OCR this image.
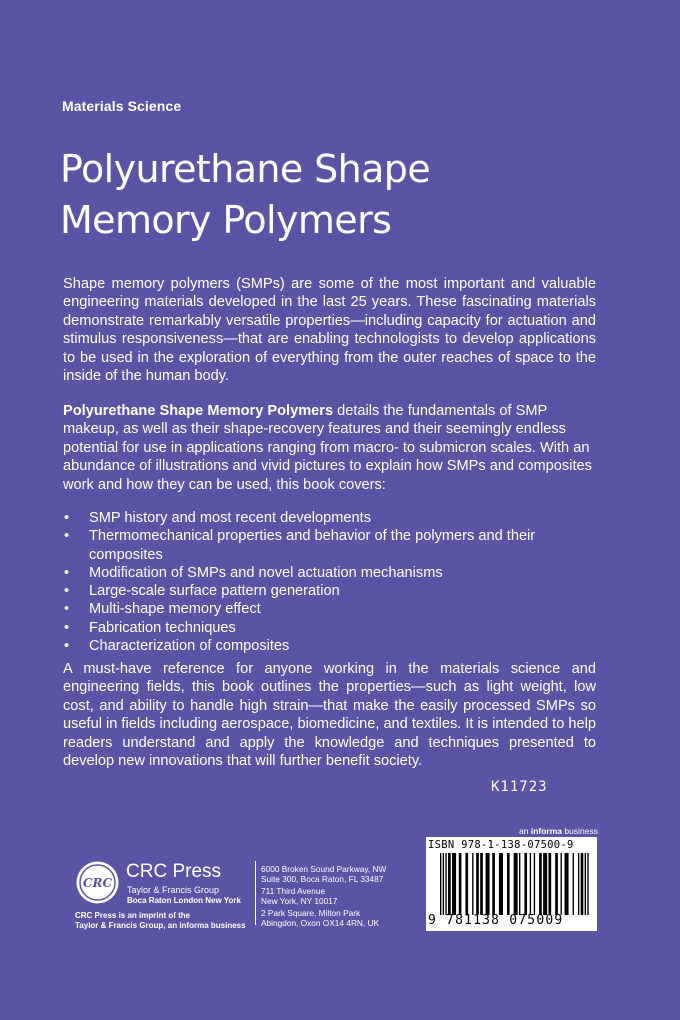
Materials Science
Polyurethane Shape
Memory Polymers

Shape memory polymers (SMPs) are some of the most important and valuable engineering materials developed in the last 25 years. These fascinating materials demonstrate remarkably versatile properties—including capacity for actuation and stimulus responsiveness—that are enabling technologists to develop applications to be used in the exploration of everything from the outer reaches of space to the inside of the human body.

Polyurethane Shape Memory Polymers details the fundamentals of SMP makeup, as well as their shape-recovery features and their seemingly endless potential for use in applications ranging from macro- to submicron scales. With an abundance of illustrations and vivid pictures to explain how SMPs and composites work and how they can be used, this book covers:

• SMP history and most recent developments
• Thermomechanical properties and behavior of the polymers and their composites
• Modification of SMPs and novel actuation mechanisms
• Large-scale surface pattern generation
• Multi-shape memory effect
• Fabrication techniques
• Characterization of composites

A must-have reference for anyone working in the materials science and engineering fields, this book outlines the properties—such as light weight, low cost, and ability to handle high strain—that make the easily processed SMPs so useful in fields including aerospace, biomedicine, and textiles. It is intended to help readers understand and apply the knowledge and techniques presented to develop new innovations that will further benefit society.

K11723
an informa business
ISBN 978-1-138-07500-9
9 781138 075009
CRC
CRC Press
Taylor & Francis Group
Boca Raton London New York
CRC Press is an imprint of the
Taylor & Francis Group, an informa business
6000 Broken Sound Parkway, NW
Suite 300, Boca Raton, FL 33487
711 Third Avenue
New York, NY 10017
2 Park Square, Milton Park
Abingdon, Oxon OX14 4RN, UK
